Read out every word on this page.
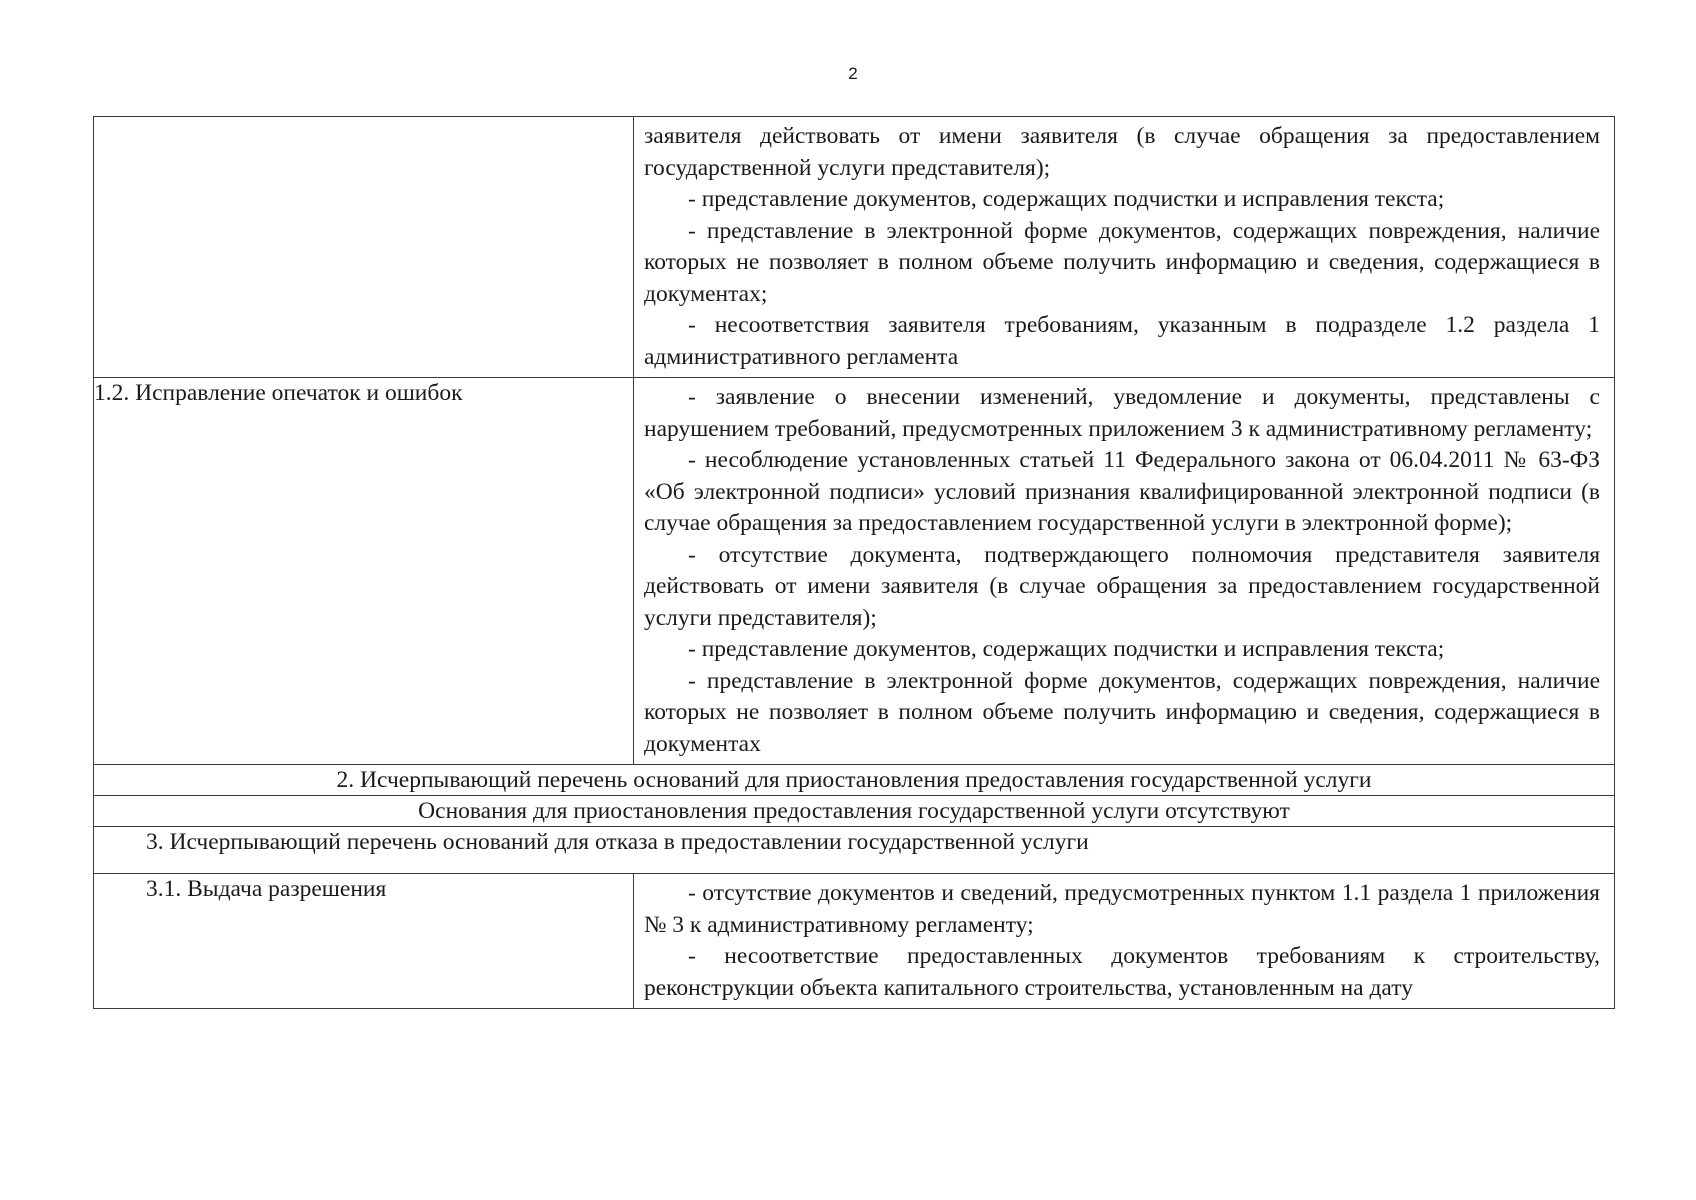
2

	заявителя действовать от имени заявителя (в случае обращения за предоставлением государственной услуги представителя);
- представление документов, содержащих подчистки и исправления текста;
- представление в электронной форме документов, содержащих повреждения, наличие которых не позволяет в полном объеме получить информацию и сведения, содержащиеся в документах;
- несоответствия заявителя требованиям, указанным в подразделе 1.2 раздела 1 административного регламента

1.2. Исправление опечаток и ошибок	- заявление о внесении изменений, уведомление и документы, представлены с нарушением требований, предусмотренных приложением 3 к административному регламенту;
- несоблюдение установленных статьей 11 Федерального закона от 06.04.2011 № 63-ФЗ «Об электронной подписи» условий признания квалифицированной электронной подписи (в случае обращения за предоставлением государственной услуги в электронной форме);
- отсутствие документа, подтверждающего полномочия представителя заявителя действовать от имени заявителя (в случае обращения за предоставлением государственной услуги представителя);
- представление документов, содержащих подчистки и исправления текста;
- представление в электронной форме документов, содержащих повреждения, наличие которых не позволяет в полном объеме получить информацию и сведения, содержащиеся в документах

2. Исчерпывающий перечень оснований для приостановления предоставления государственной услуги	
Основания для приостановления предоставления государственной услуги отсутствуют	
3. Исчерпывающий перечень оснований для отказа в предоставлении государственной услуги	
3.1. Выдача разрешения	- отсутствие документов и сведений, предусмотренных пунктом 1.1 раздела 1 приложения № 3 к административному регламенту;
- несоответствие предоставленных документов требованиям к строительству, реконструкции объекта капитального строительства, установленным на дату
